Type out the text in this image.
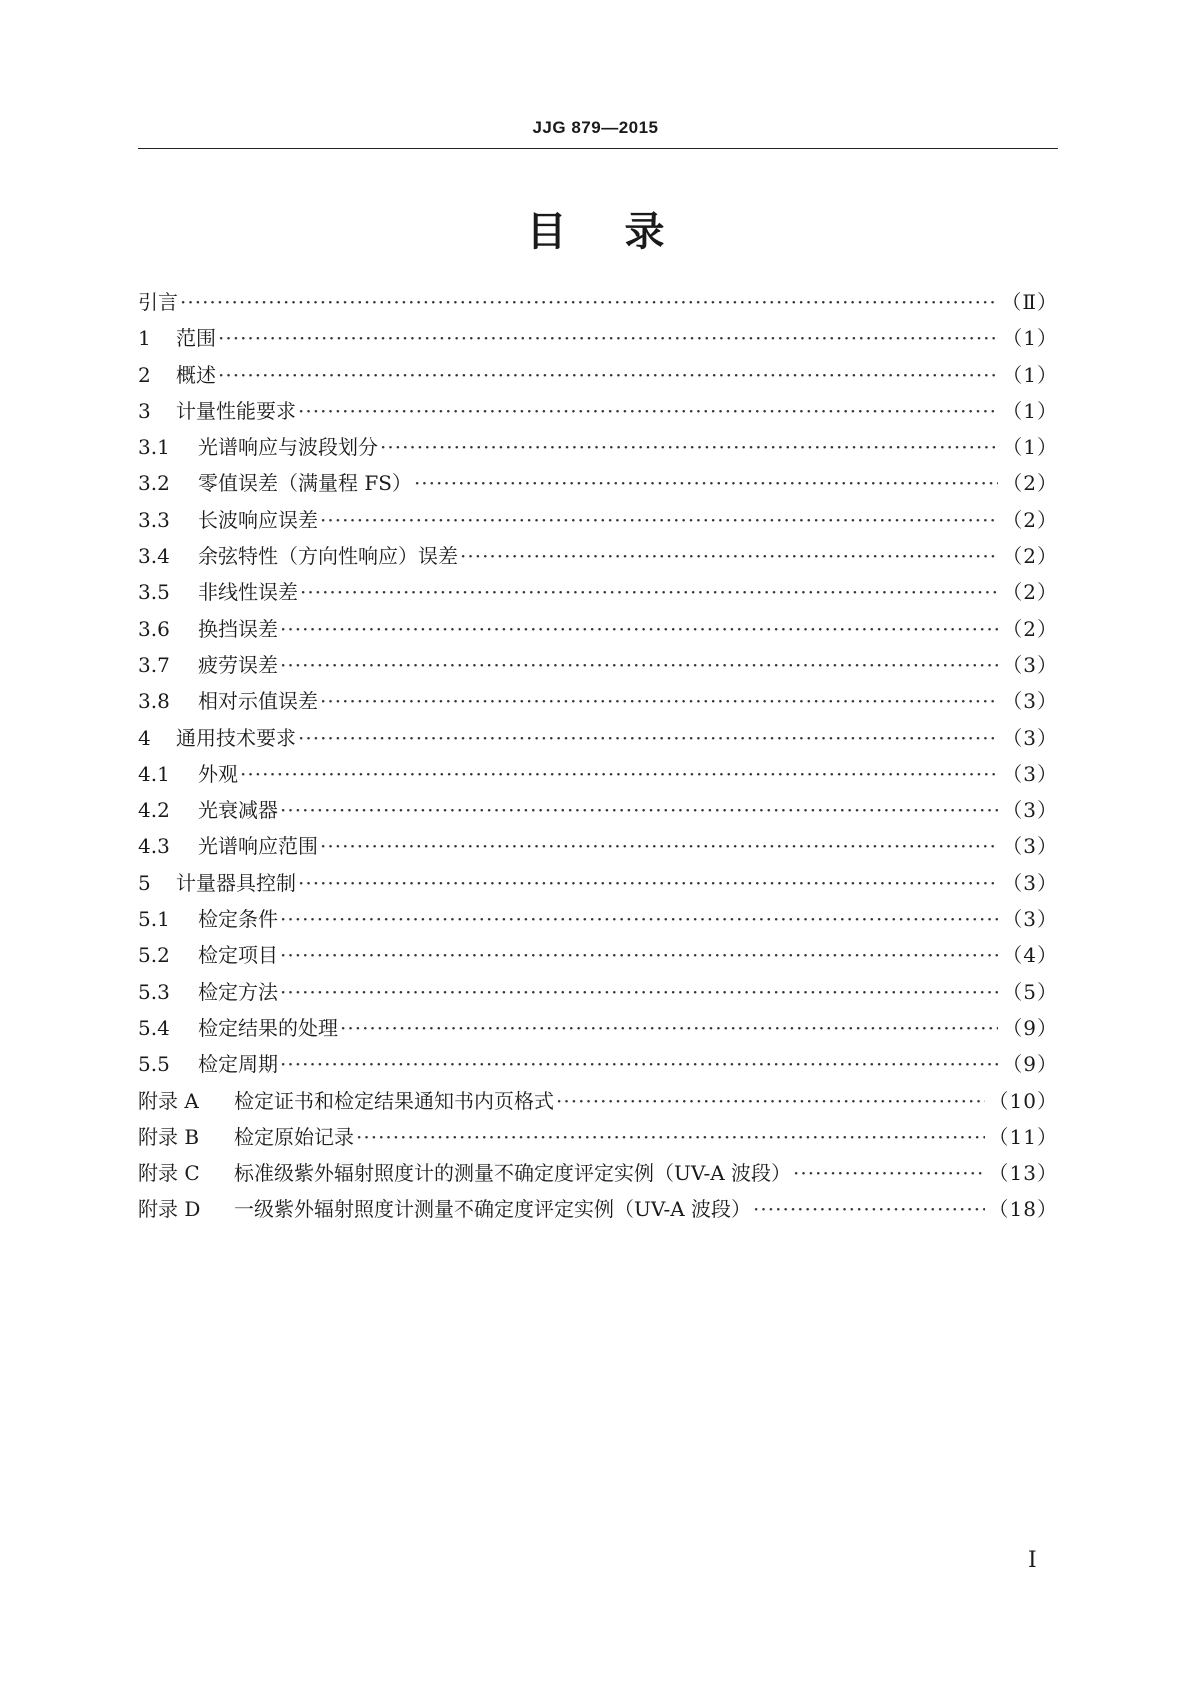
JJG 879—2015
目录
引言 ·····	（Ⅱ）
1	范围 ·····	（1）
2	概述 ·····	（1）
3	计量性能要求 ·····	（1）
3.1	光谱响应与波段划分 ·····	（1）
3.2	零值误差（满量程 FS） ·····	（2）
3.3	长波响应误差 ·····	（2）
3.4	余弦特性（方向性响应）误差 ·····	（2）
3.5	非线性误差 ·····	（2）
3.6	换挡误差 ·····	（2）
3.7	疲劳误差 ·····	（3）
3.8	相对示值误差 ·····	（3）
4	通用技术要求 ·····	（3）
4.1	外观 ·····	（3）
4.2	光衰减器 ·····	（3）
4.3	光谱响应范围 ·····	（3）
5	计量器具控制 ·····	（3）
5.1	检定条件 ·····	（3）
5.2	检定项目 ·····	（4）
5.3	检定方法 ·····	（5）
5.4	检定结果的处理 ·····	（9）
5.5	检定周期 ·····	（9）
附录 A	检定证书和检定结果通知书内页格式 ·····	（10）
附录 B	检定原始记录 ·····	（11）
附录 C	标准级紫外辐射照度计的测量不确定度评定实例（UV-A 波段） ·····	（13）
附录 D	一级紫外辐射照度计测量不确定度评定实例（UV-A 波段） ·····	（18）
Ⅰ
